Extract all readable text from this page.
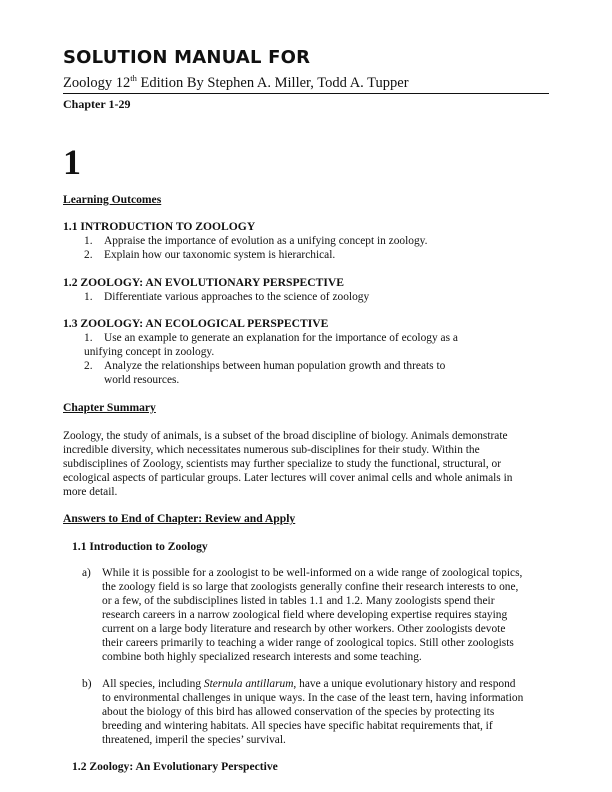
SOLUTION MANUAL FOR
Zoology 12th Edition By Stephen A. Miller, Todd A. Tupper
Chapter 1-29
1
Learning Outcomes
1.1 INTRODUCTION TO ZOOLOGY
1. Appraise the importance of evolution as a unifying concept in zoology.
2. Explain how our taxonomic system is hierarchical.
1.2 ZOOLOGY: AN EVOLUTIONARY PERSPECTIVE
1. Differentiate various approaches to the science of zoology
1.3 ZOOLOGY: AN ECOLOGICAL PERSPECTIVE
1. Use an example to generate an explanation for the importance of ecology as a
unifying concept in zoology.
2. Analyze the relationships between human population growth and threats to
world resources.
Chapter Summary
Zoology, the study of animals, is a subset of the broad discipline of biology. Animals demonstrate
incredible diversity, which necessitates numerous sub-disciplines for their study. Within the
subdisciplines of Zoology, scientists may further specialize to study the functional, structural, or
ecological aspects of particular groups. Later lectures will cover animal cells and whole animals in
more detail.
Answers to End of Chapter: Review and Apply
1.1 Introduction to Zoology
a) While it is possible for a zoologist to be well-informed on a wide range of zoological topics,
the zoology field is so large that zoologists generally confine their research interests to one,
or a few, of the subdisciplines listed in tables 1.1 and 1.2. Many zoologists spend their
research careers in a narrow zoological field where developing expertise requires staying
current on a large body literature and research by other workers. Other zoologists devote
their careers primarily to teaching a wider range of zoological topics. Still other zoologists
combine both highly specialized research interests and some teaching.
b) All species, including Sternula antillarum, have a unique evolutionary history and respond
to environmental challenges in unique ways. In the case of the least tern, having information
about the biology of this bird has allowed conservation of the species by protecting its
breeding and wintering habitats. All species have specific habitat requirements that, if
threatened, imperil the species’ survival.
1.2 Zoology: An Evolutionary Perspective
